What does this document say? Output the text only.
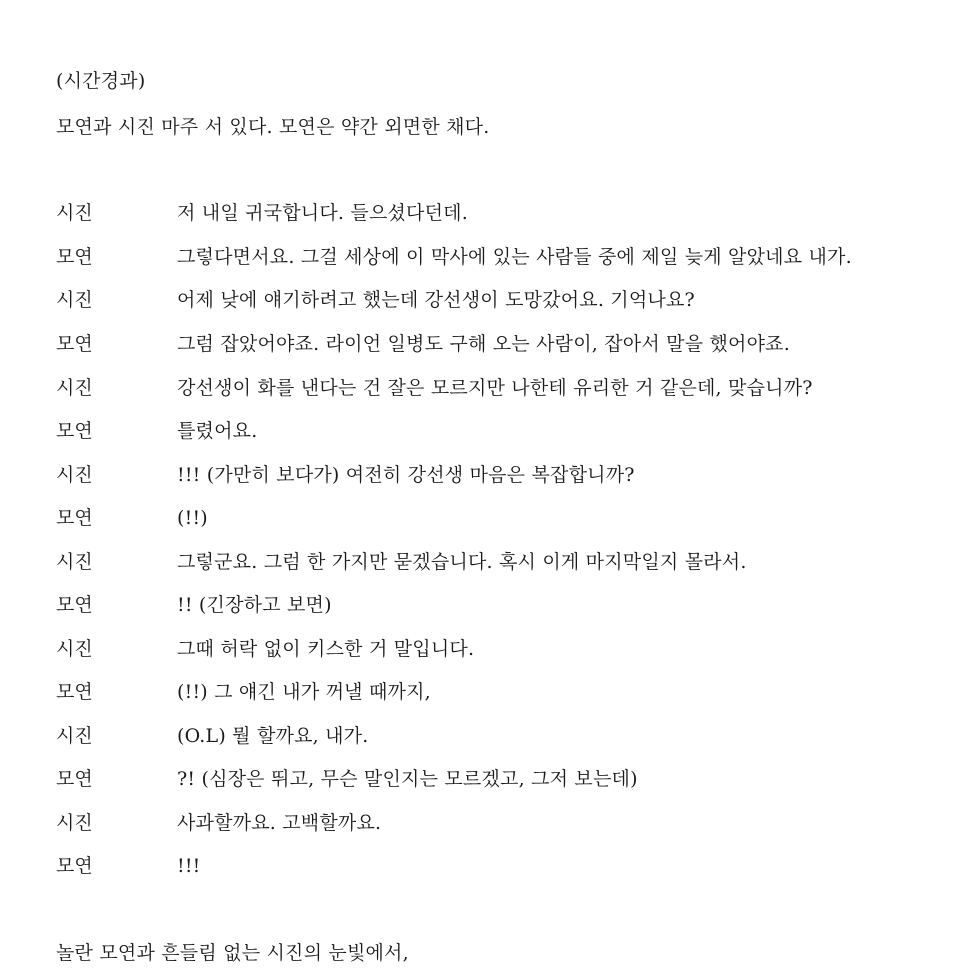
(시간경과)
모연과 시진 마주 서 있다. 모연은 약간 외면한 채다.
시진	저 내일 귀국합니다. 들으셨다던데.
모연	그렇다면서요. 그걸 세상에 이 막사에 있는 사람들 중에 제일 늦게 알았네요 내가.
시진	어제 낮에 얘기하려고 했는데 강선생이 도망갔어요. 기억나요?
모연	그럼 잡았어야죠. 라이언 일병도 구해 오는 사람이, 잡아서 말을 했어야죠.
시진	강선생이 화를 낸다는 건 잘은 모르지만 나한테 유리한 거 같은데, 맞습니까?
모연	틀렸어요.
시진	!!! (가만히 보다가) 여전히 강선생 마음은 복잡합니까?
모연	(!!)
시진	그렇군요. 그럼 한 가지만 묻겠습니다. 혹시 이게 마지막일지 몰라서.
모연	!! (긴장하고 보면)
시진	그때 허락 없이 키스한 거 말입니다.
모연	(!!) 그 얘긴 내가 꺼낼 때까지,
시진	(O.L) 뭘 할까요, 내가.
모연	?! (심장은 뛰고, 무슨 말인지는 모르겠고, 그저 보는데)
시진	사과할까요. 고백할까요.
모연	!!!
놀란 모연과 흔들림 없는 시진의 눈빛에서,
